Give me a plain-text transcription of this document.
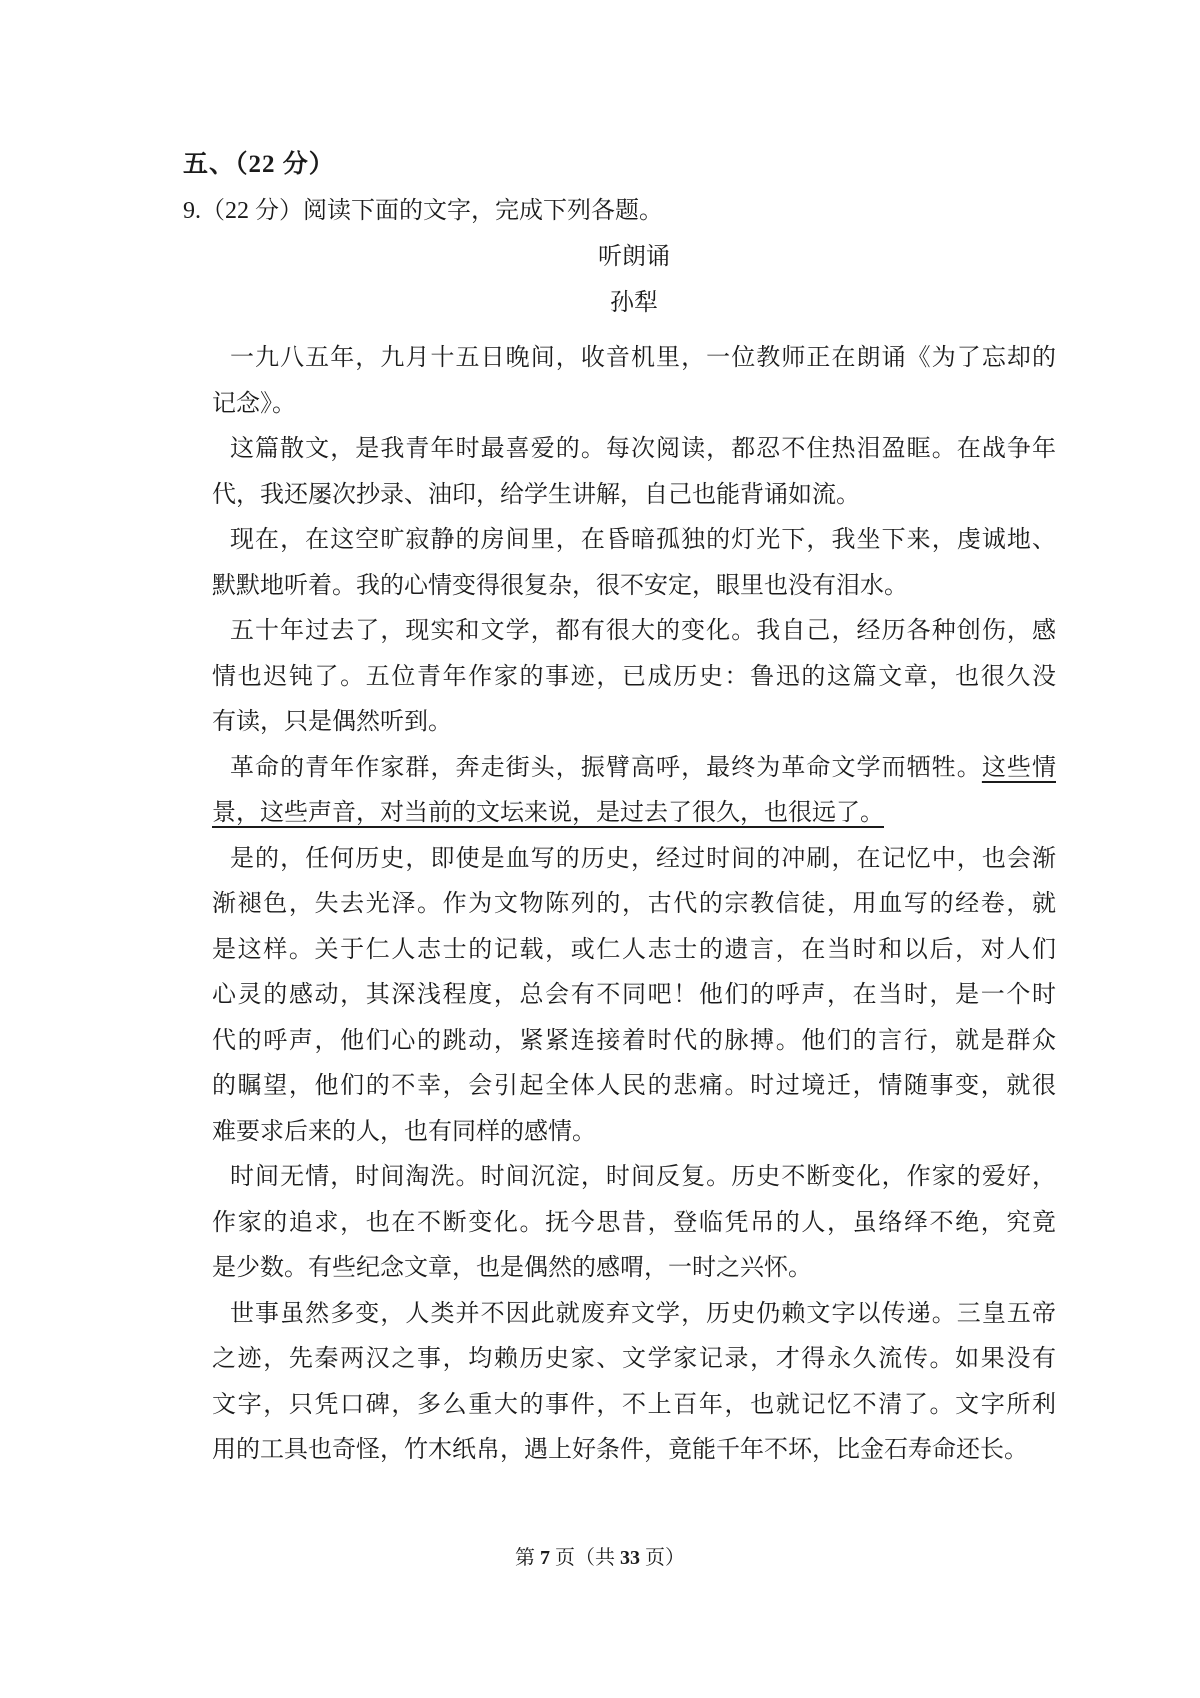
五、（22 分）
9.（22 分）阅读下面的文字，完成下列各题。
听朗诵
孙犁
一九八五年，九月十五日晚间，收音机里，一位教师正在朗诵《为了忘却的
记念》。
这篇散文，是我青年时最喜爱的。每次阅读，都忍不住热泪盈眶。在战争年
代，我还屡次抄录、油印，给学生讲解，自己也能背诵如流。
现在，在这空旷寂静的房间里，在昏暗孤独的灯光下，我坐下来，虔诚地、
默默地听着。我的心情变得很复杂，很不安定，眼里也没有泪水。
五十年过去了，现实和文学，都有很大的变化。我自己，经历各种创伤，感
情也迟钝了。五位青年作家的事迹，已成历史：鲁迅的这篇文章，也很久没
有读，只是偶然听到。
革命的青年作家群，奔走街头，振臂高呼，最终为革命文学而牺牲。这些情
景，这些声音，对当前的文坛来说，是过去了很久，也很远了。
是的，任何历史，即使是血写的历史，经过时间的冲刷，在记忆中，也会渐
渐褪色，失去光泽。作为文物陈列的，古代的宗教信徒，用血写的经卷，就
是这样。关于仁人志士的记载，或仁人志士的遗言，在当时和以后，对人们
心灵的感动，其深浅程度，总会有不同吧！他们的呼声，在当时，是一个时
代的呼声，他们心的跳动，紧紧连接着时代的脉搏。他们的言行，就是群众
的瞩望，他们的不幸，会引起全体人民的悲痛。时过境迁，情随事变，就很
难要求后来的人，也有同样的感情。
时间无情，时间淘洗。时间沉淀，时间反复。历史不断变化，作家的爱好，
作家的追求，也在不断变化。抚今思昔，登临凭吊的人，虽络绎不绝，究竟
是少数。有些纪念文章，也是偶然的感喟，一时之兴怀。
世事虽然多变，人类并不因此就废弃文学，历史仍赖文字以传递。三皇五帝
之迹，先秦两汉之事，均赖历史家、文学家记录，才得永久流传。如果没有
文字，只凭口碑，多么重大的事件，不上百年，也就记忆不清了。文字所利
用的工具也奇怪，竹木纸帛，遇上好条件，竟能千年不坏，比金石寿命还长。
第 7 页（共 33 页）
